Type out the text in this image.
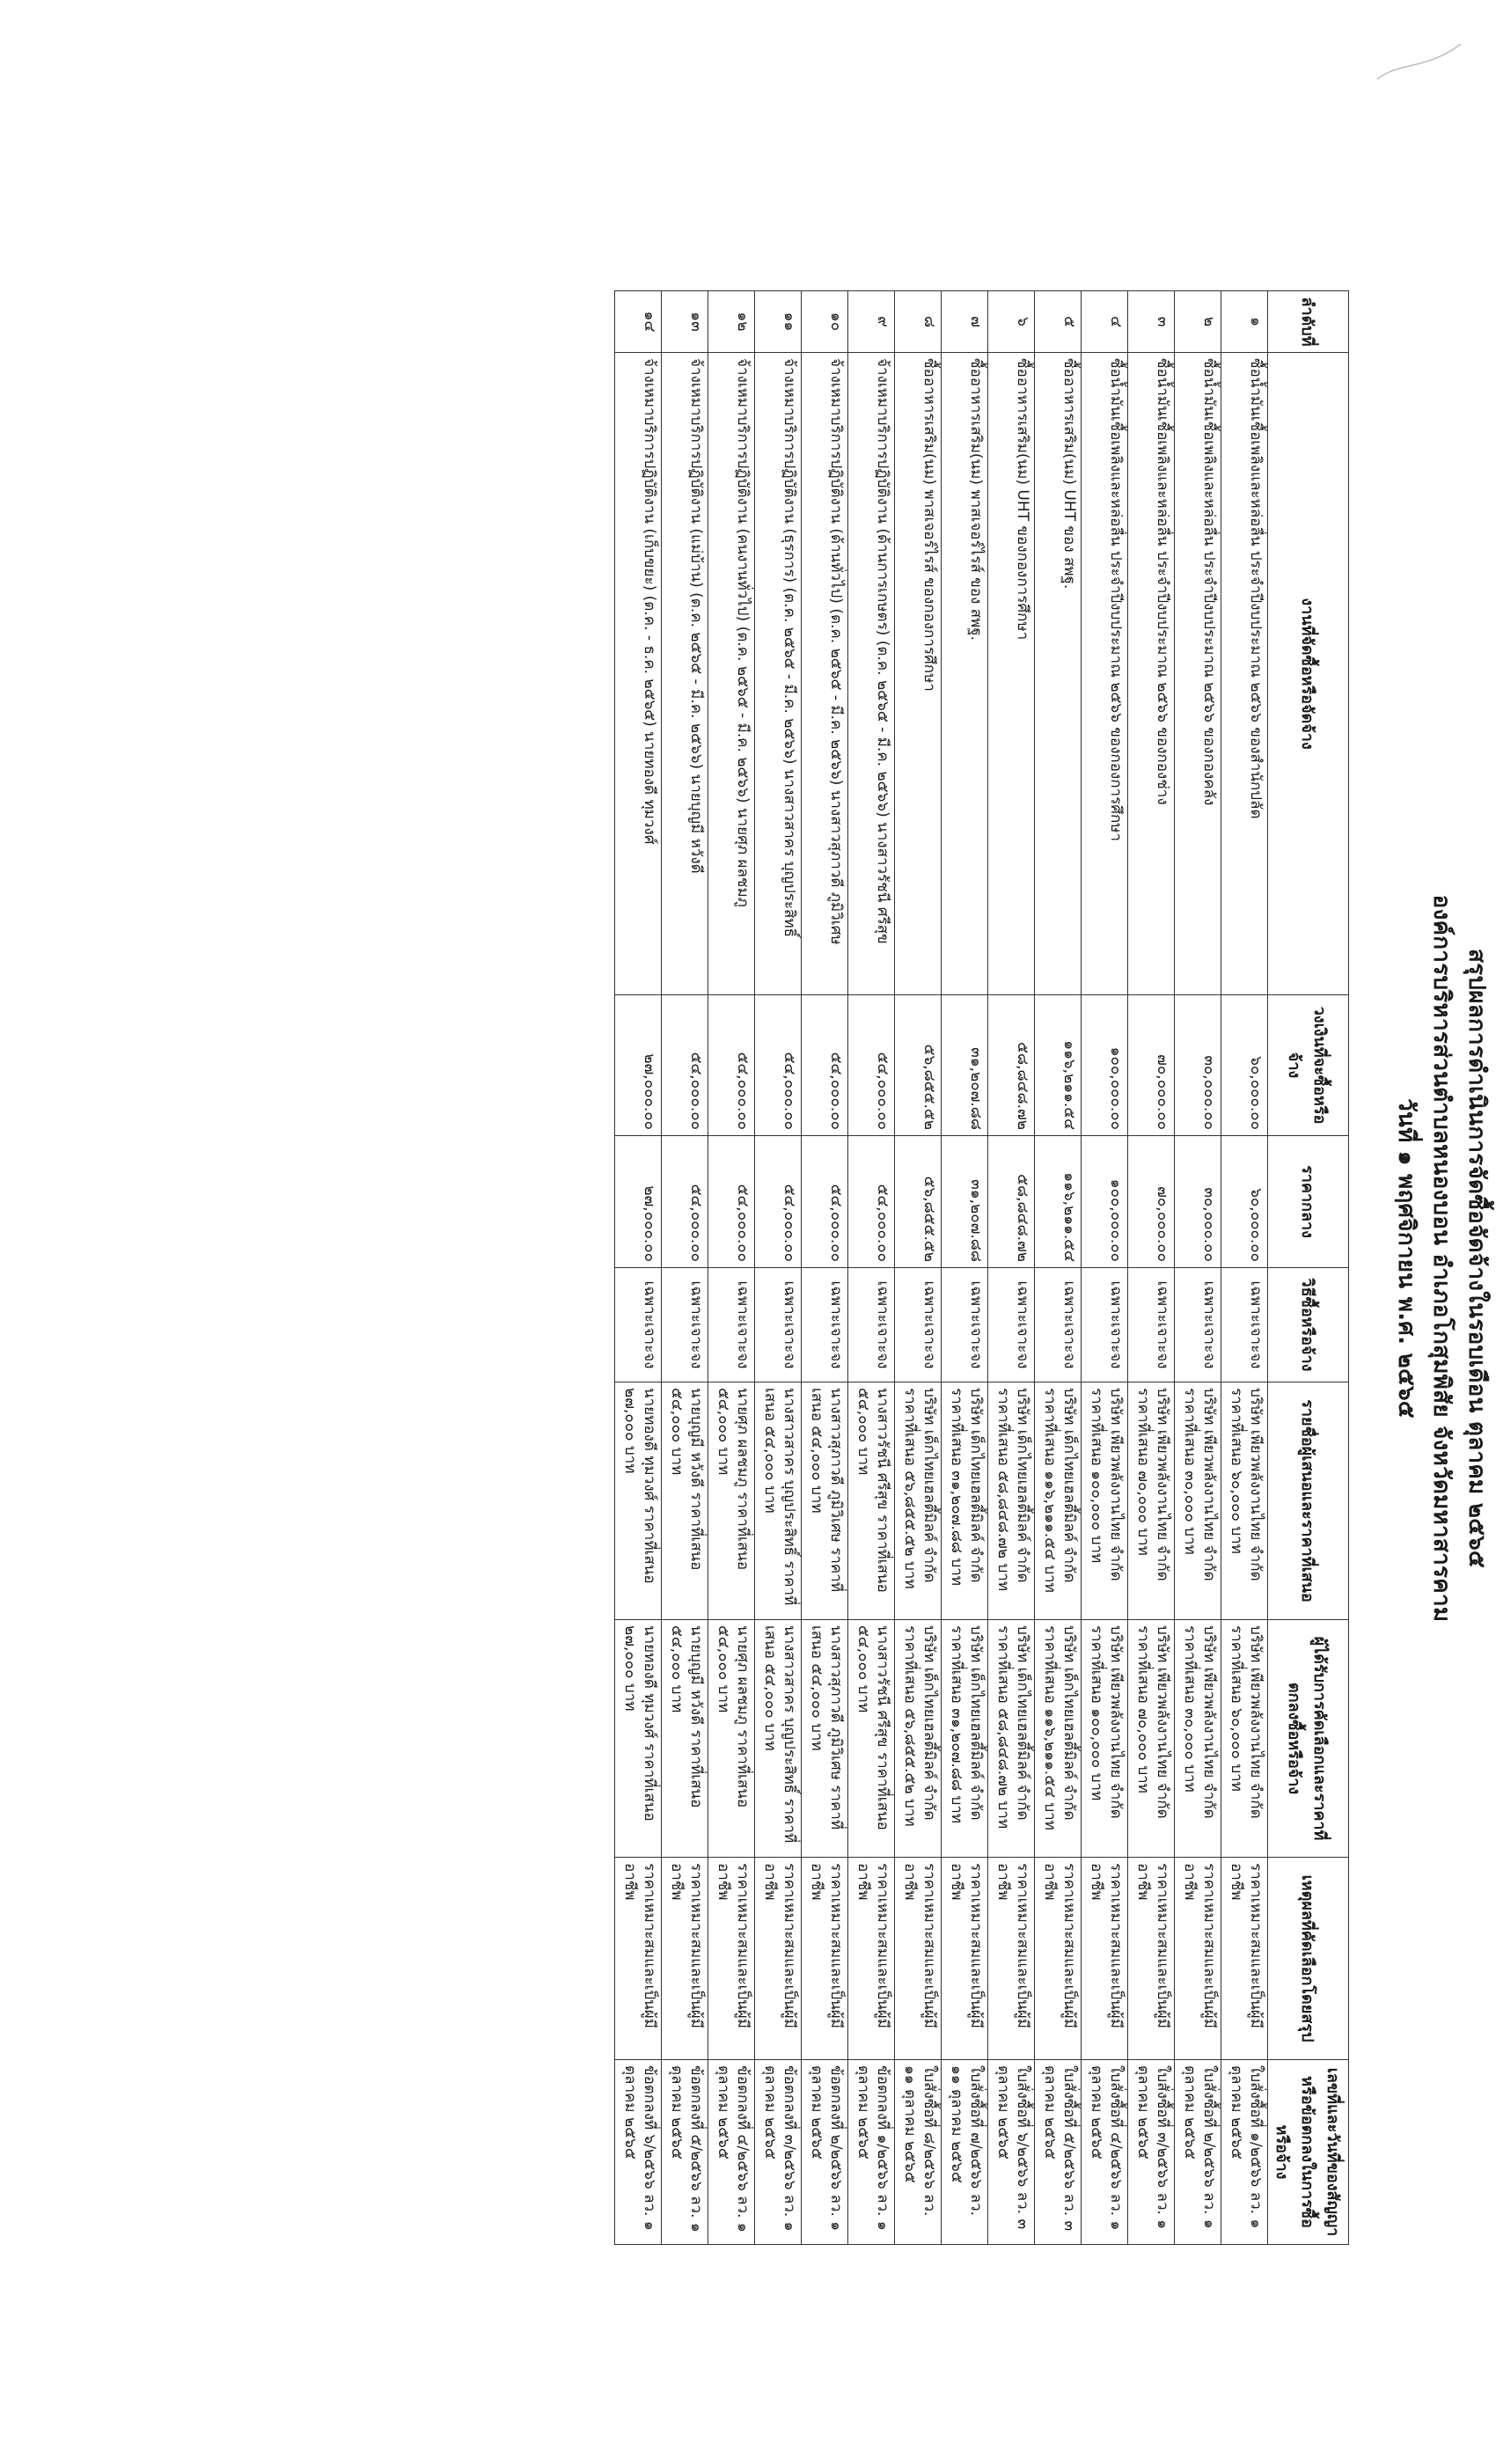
สรุปผลการดำเนินการจัดซื้อจัดจ้างในรอบเดือน ตุลาคม ๒๕๖๕
องค์การบริหารส่วนตำบลหนองบอน อำเภอโกสุมพิสัย จังหวัดมหาสารคาม
วันที่ ๑ พฤศจิกายน พ.ศ. ๒๕๖๕
ลำดับที่	งานที่จัดซื้อหรือจัดจ้าง	วงเงินที่จะซื้อหรือจ้าง	ราคากลาง	วิธีซื้อหรือจ้าง	รายชื่อผู้เสนอและราคาที่เสนอ	ผู้ได้รับการคัดเลือกและราคาที่ตกลงซื้อหรือจ้าง	เหตุผลที่คัดเลือกโดยสรุป	เลขที่และวันที่ของสัญญาหรือข้อตกลงในการซื้อหรือจ้าง
๑	ซื้อน้ำมันเชื้อเพลิงและหล่อลื่น ประจำปีงบประมาณ ๒๕๖๖ ของสำนักปลัด	๖๐,๐๐๐.๐๐	๖๐,๐๐๐.๐๐	เฉพาะเจาะจง	บริษัท เพียวพลังงานไทย จำกัด ราคาที่เสนอ ๖๐,๐๐๐ บาท	บริษัท เพียวพลังงานไทย จำกัด ราคาที่เสนอ ๖๐,๐๐๐ บาท	ราคาเหมาะสมและเป็นผู้มีอาชีพ	ใบสั่งซื้อที่ ๑/๒๕๖๖ ลว. ๑ ตุลาคม ๒๕๖๕
๒	ซื้อน้ำมันเชื้อเพลิงและหล่อลื่น ประจำปีงบประมาณ ๒๕๖๖ ของกองคลัง	๓๐,๐๐๐.๐๐	๓๐,๐๐๐.๐๐	เฉพาะเจาะจง	บริษัท เพียวพลังงานไทย จำกัด ราคาที่เสนอ ๓๐,๐๐๐ บาท	บริษัท เพียวพลังงานไทย จำกัด ราคาที่เสนอ ๓๐,๐๐๐ บาท	ราคาเหมาะสมและเป็นผู้มีอาชีพ	ใบสั่งซื้อที่ ๒/๒๕๖๖ ลว. ๑ ตุลาคม ๒๕๖๕
๓	ซื้อน้ำมันเชื้อเพลิงและหล่อลื่น ประจำปีงบประมาณ ๒๕๖๖ ของกองช่าง	๗๐,๐๐๐.๐๐	๗๐,๐๐๐.๐๐	เฉพาะเจาะจง	บริษัท เพียวพลังงานไทย จำกัด ราคาที่เสนอ ๗๐,๐๐๐ บาท	บริษัท เพียวพลังงานไทย จำกัด ราคาที่เสนอ ๗๐,๐๐๐ บาท	ราคาเหมาะสมและเป็นผู้มีอาชีพ	ใบสั่งซื้อที่ ๓/๒๕๖๖ ลว. ๑ ตุลาคม ๒๕๖๕
๔	ซื้อน้ำมันเชื้อเพลิงและหล่อลื่น ประจำปีงบประมาณ ๒๕๖๖ ของกองการศึกษา	๑๐๐,๐๐๐.๐๐	๑๐๐,๐๐๐.๐๐	เฉพาะเจาะจง	บริษัท เพียวพลังงานไทย จำกัด ราคาที่เสนอ ๑๐๐,๐๐๐ บาท	บริษัท เพียวพลังงานไทย จำกัด ราคาที่เสนอ ๑๐๐,๐๐๐ บาท	ราคาเหมาะสมและเป็นผู้มีอาชีพ	ใบสั่งซื้อที่ ๔/๒๕๖๖ ลว. ๑ ตุลาคม ๒๕๖๕
๕	ซื้ออาหารเสริม(นม) UHT ของ สพฐ.	๑๑๖,๒๑๑.๕๔	๑๑๖,๒๑๑.๕๔	เฉพาะเจาะจง	บริษัท เด็กไทยเฮลตี้มิลค์ จำกัด ราคาที่เสนอ ๑๑๖,๒๑๑.๕๔ บาท	บริษัท เด็กไทยเฮลตี้มิลค์ จำกัด ราคาที่เสนอ ๑๑๖,๒๑๑.๕๔ บาท	ราคาเหมาะสมและเป็นผู้มีอาชีพ	ใบสั่งซื้อที่ ๕/๒๕๖๖ ลว. ๓ ตุลาคม ๒๕๖๕
๖	ซื้ออาหารเสริม(นม) UHT ของกองการศึกษา	๕๘,๘๔๘.๗๒	๕๘,๘๔๘.๗๒	เฉพาะเจาะจง	บริษัท เด็กไทยเฮลตี้มิลค์ จำกัด ราคาที่เสนอ ๕๘,๘๔๘.๗๒ บาท	บริษัท เด็กไทยเฮลตี้มิลค์ จำกัด ราคาที่เสนอ ๕๘,๘๔๘.๗๒ บาท	ราคาเหมาะสมและเป็นผู้มีอาชีพ	ใบสั่งซื้อที่ ๖/๒๕๖๖ ลว. ๓ ตุลาคม ๒๕๖๕
๗	ซื้ออาหารเสริม(นม) พาสเจอร์ไรส์ ของ สพฐ.	๓๑,๒๐๗.๘๘	๓๑,๒๐๗.๘๘	เฉพาะเจาะจง	บริษัท เด็กไทยเฮลตี้มิลค์ จำกัด ราคาที่เสนอ ๓๑,๒๐๗.๘๘ บาท	บริษัท เด็กไทยเฮลตี้มิลค์ จำกัด ราคาที่เสนอ ๓๑,๒๐๗.๘๘ บาท	ราคาเหมาะสมและเป็นผู้มีอาชีพ	ใบสั่งซื้อที่ ๗/๒๕๖๖ ลว. ๑๑ ตุลาคม ๒๕๖๕
๘	ซื้ออาหารเสริม(นม) พาสเจอร์ไรส์ ของกองการศึกษา	๕๖,๘๕๕.๕๒	๕๖,๘๕๕.๕๒	เฉพาะเจาะจง	บริษัท เด็กไทยเฮลตี้มิลค์ จำกัด ราคาที่เสนอ ๕๖,๘๕๕.๕๒ บาท	บริษัท เด็กไทยเฮลตี้มิลค์ จำกัด ราคาที่เสนอ ๕๖,๘๕๕.๕๒ บาท	ราคาเหมาะสมและเป็นผู้มีอาชีพ	ใบสั่งซื้อที่ ๘/๒๕๖๖ ลว. ๑๑ ตุลาคม ๒๕๖๕
๙	จ้างเหมาบริการปฏิบัติงาน (ด้านการเกษตร) (ต.ค. ๒๕๖๕ - มี.ค. ๒๕๖๖) นางสาวรัชนี ศรีสุข	๕๔,๐๐๐.๐๐	๕๔,๐๐๐.๐๐	เฉพาะเจาะจง	นางสาวรัชนี ศรีสุข ราคาที่เสนอ ๕๔,๐๐๐ บาท	นางสาวรัชนี ศรีสุข ราคาที่เสนอ ๕๔,๐๐๐ บาท	ราคาเหมาะสมและเป็นผู้มีอาชีพ	ข้อตกลงที่ ๑/๒๕๖๖ ลว. ๑ ตุลาคม ๒๕๖๕
๑๐	จ้างเหมาบริการปฏิบัติงาน (ด้านทั่วไป) (ต.ค. ๒๕๖๕ - มี.ค. ๒๕๖๖) นางสาวสุภาวดี ภูมิวิเศษ	๕๔,๐๐๐.๐๐	๕๔,๐๐๐.๐๐	เฉพาะเจาะจง	นางสาวสุภาวดี ภูมิวิเศษ ราคาที่เสนอ ๕๔,๐๐๐ บาท	นางสาวสุภาวดี ภูมิวิเศษ ราคาที่เสนอ ๕๔,๐๐๐ บาท	ราคาเหมาะสมและเป็นผู้มีอาชีพ	ข้อตกลงที่ ๒/๒๕๖๖ ลว. ๑ ตุลาคม ๒๕๖๕
๑๑	จ้างเหมาบริการปฏิบัติงาน (ธุรการ) (ต.ค. ๒๕๖๕ - มี.ค. ๒๕๖๖) นางสาวสาคร บุญประสิทธิ์	๕๔,๐๐๐.๐๐	๕๔,๐๐๐.๐๐	เฉพาะเจาะจง	นางสาวสาคร บุญประสิทธิ์ ราคาที่เสนอ ๕๔,๐๐๐ บาท	นางสาวสาคร บุญประสิทธิ์ ราคาที่เสนอ ๕๔,๐๐๐ บาท	ราคาเหมาะสมและเป็นผู้มีอาชีพ	ข้อตกลงที่ ๓/๒๕๖๖ ลว. ๑ ตุลาคม ๒๕๖๕
๑๒	จ้างเหมาบริการปฏิบัติงาน (คนงานทั่วไป) (ต.ค. ๒๕๖๕ - มี.ค. ๒๕๖๖) นายศุภ ผลชมภู	๕๔,๐๐๐.๐๐	๕๔,๐๐๐.๐๐	เฉพาะเจาะจง	นายศุภ ผลชมภู ราคาที่เสนอ ๕๔,๐๐๐ บาท	นายศุภ ผลชมภู ราคาที่เสนอ ๕๔,๐๐๐ บาท	ราคาเหมาะสมและเป็นผู้มีอาชีพ	ข้อตกลงที่ ๔/๒๕๖๖ ลว. ๑ ตุลาคม ๒๕๖๕
๑๓	จ้างเหมาบริการปฏิบัติงาน (แม่บ้าน) (ต.ค. ๒๕๖๕ - มี.ค. ๒๕๖๖) นายบุญมี หวังดี	๕๔,๐๐๐.๐๐	๕๔,๐๐๐.๐๐	เฉพาะเจาะจง	นายบุญมี หวังดี ราคาที่เสนอ ๕๔,๐๐๐ บาท	นายบุญมี หวังดี ราคาที่เสนอ ๕๔,๐๐๐ บาท	ราคาเหมาะสมและเป็นผู้มีอาชีพ	ข้อตกลงที่ ๕/๒๕๖๖ ลว. ๑ ตุลาคม ๒๕๖๕
๑๔	จ้างเหมาบริการปฏิบัติงาน (เก็บขยะ) (ต.ค. - ธ.ค. ๒๕๖๕) นายทองดี ทุมวงศ์	๒๗,๐๐๐.๐๐	๒๗,๐๐๐.๐๐	เฉพาะเจาะจง	นายทองดี ทุมวงศ์ ราคาที่เสนอ ๒๗,๐๐๐ บาท	นายทองดี ทุมวงศ์ ราคาที่เสนอ ๒๗,๐๐๐ บาท	ราคาเหมาะสมและเป็นผู้มีอาชีพ	ข้อตกลงที่ ๖/๒๕๖๖ ลว. ๑ ตุลาคม ๒๕๖๕
